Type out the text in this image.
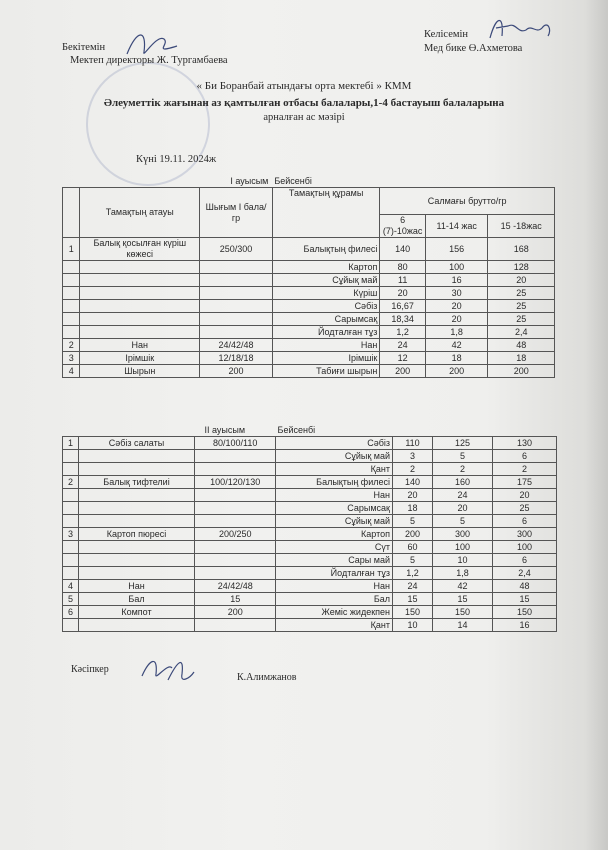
Бекітемін
Мектеп директоры Ж. Тургамбаева
Келісемін
Мед бике Ө.Ахметова
« Би Боранбай атындағы орта мектебі » КММ
Әлеуметтік жағынан аз қамтылған отбасы балалары,1-4 бастауыш балаларына
арналған ас мәзірі
Күні 19.11. 2024ж
	I ауысым		Бейсенбі			
	Тамақтың атауы	Шығым I бала/гр	Тамақтың құрамы	Салмағы брутто/гр		
				6 (7)-10жас	11-14 жас	15 -18жас
1	Балық қосылған күріш көжесі	250/300	Балықтың филесі	140	156	168
			Картоп	80	100	128
			Сұйық май	11	16	20
			Күріш	20	30	25
			Сәбіз	16,67	20	25
			Сарымсақ	18,34	20	25
			Йодталған тұз	1,2	1,8	2,4
2	Нан	24/42/48	Нан	24	42	48
3	Ірімшік	12/18/18	Ірімшік	12	18	18
4	Шырын	200	Табиғи шырын	200	200	200
		II ауысым Бейсенбі				
1	Сәбіз салаты	80/100/110	Сәбіз	110	125	130
			Сұйық май	3	5	6
			Қант	2	2	2
2	Балық тифтелиі	100/120/130	Балықтың филесі	140	160	175
			Нан	20	24	20
			Сарымсақ	18	20	25
			Сұйық май	5	5	6
3	Картоп пюресі	200/250	Картоп	200	300	300
			Сүт	60	100	100
			Сары май	5	10	6
			Йодталған тұз	1,2	1,8	2,4
4	Нан	24/42/48	Нан	24	42	48
5	Бал	15	Бал	15	15	15
6	Компот	200	Жеміс жидекпен	150	150	150
			Қант	10	14	16
Кәсіпкер
К.Алимжанов
